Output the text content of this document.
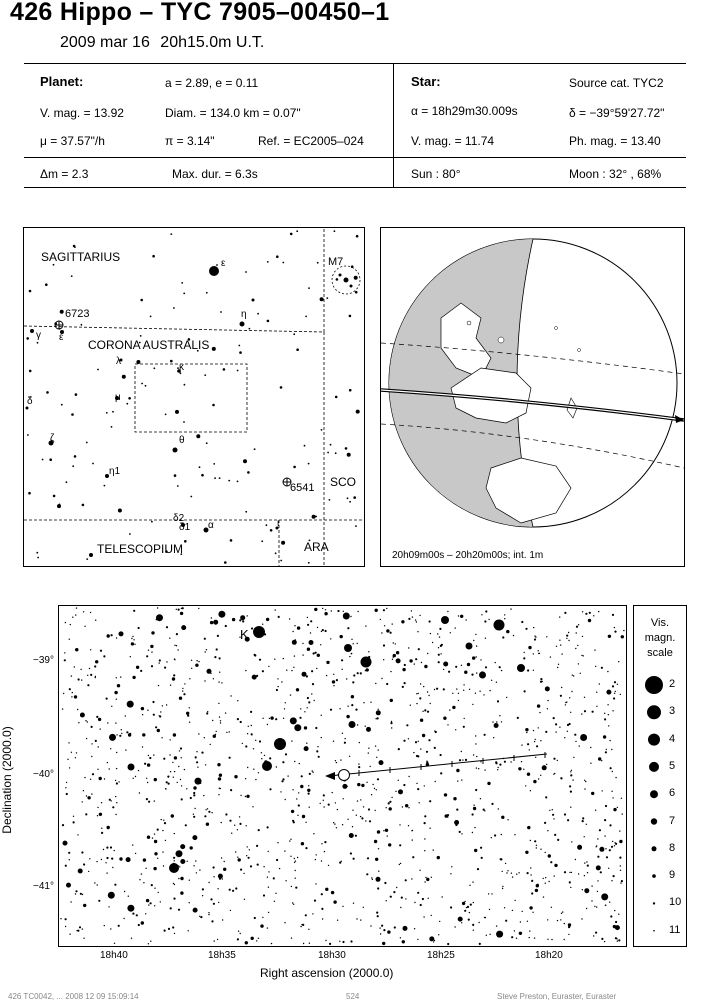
426 Hippo – TYC 7905–00450–1
2009 mar 16 20h15.0m U.T.
Planet:	a = 2.89, e = 0.11
V. mag. = 13.92	Diam. = 134.0 km = 0.07"
μ = 37.57"/h	π = 3.14"	Ref. = EC2005–024
Δm = 2.3	Max. dur. = 6.3s
Star:	Source cat. TYC2
α = 18h29m30.009s	δ = −39°59'27.72"
V. mag. = 11.74	Ph. mag. = 13.40
Sun : 80°	Moon : 32° , 68%
SAGITTARIUS
CORONA AUSTRALIS
TELESCOPIUM	ARA
SCO
M7
6723
6541
ε
η
γ ε
λ
κ
μ
δ
ζ	θ
η1
δ2
δ1 α	ι
20h09m00s – 20h20m00s; int. 1m
Declination (2000.0)
−39°
−40°
−41°
K
18h40	18h35	18h30	18h25	18h20
Right ascension (2000.0)
Vis.
magn.
scale
2
3
4
5
6
7
8
9
10
11
426 TC0042, ... 2008 12 09 15:09:14	524	Steve Preston, Euraster, Euraster
